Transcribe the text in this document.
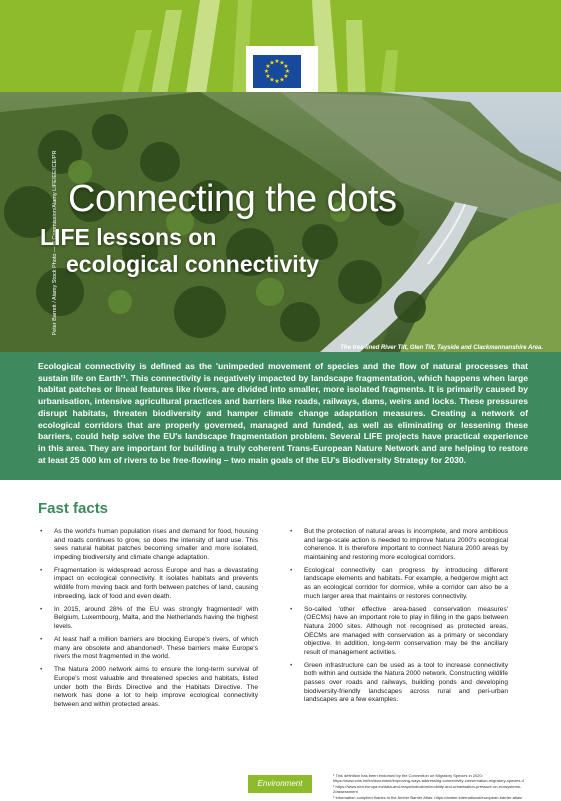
★ ★
★
★
★
★
★
★
★
★
★
★
Peter Barrett / Alamy Stock Photo — © Commission/Alamy LIFE/EE/ICE/PR Connecting the dots
LIFE lessons on
ecological connectivity
The tree lined River Tilt, Glen Tilt, Tayside and Clackmannanshire Area.
Ecological connectivity is defined as the 'unimpeded movement of species and the flow of natural processes that sustain life on Earth'¹. This connectivity is negatively impacted by landscape fragmentation, which happens when large habitat patches or lineal features like rivers, are divided into smaller, more isolated fragments. It is primarily caused by urbanisation, intensive agricultural practices and barriers like roads, railways, dams, weirs and locks. These pressures disrupt habitats, threaten biodiversity and hamper climate change adaptation measures. Creating a network of ecological corridors that are properly governed, managed and funded, as well as eliminating or lessening these barriers, could help solve the EU's landscape fragmentation problem. Several LIFE projects have practical experience in this area. They are important for building a truly coherent Trans-European Nature Network and are helping to restore at least 25 000 km of rivers to be free-flowing – two main goals of the EU's Biodiversity Strategy for 2030.
Fast facts
• As the world's human population rises and demand for food, housing and roads continues to grow, so does the intensity of land use. This sees natural habitat patches becoming smaller and more isolated, impeding biodiversity and climate change adaptation.
• Fragmentation is widespread across Europe and has a devastating impact on ecological connectivity. It isolates habitats and prevents wildlife from moving back and forth between patches of land, causing inbreeding, lack of food and even death.
• In 2015, around 28% of the EU was strongly fragmented² with Belgium, Luxembourg, Malta, and the Netherlands having the highest levels.
• At least half a million barriers are blocking Europe's rivers, of which many are obsolete and abandoned³. These barriers make Europe's rivers the most fragmented in the world.
• The Natura 2000 network aims to ensure the long-term survival of Europe's most valuable and threatened species and habitats, listed under both the Birds Directive and the Habitats Directive. The network has done a lot to help improve ecological connectivity between and within protected areas.
• But the protection of natural areas is incomplete, and more ambitious and large-scale action is needed to improve Natura 2000's ecological coherence. It is therefore important to connect Natura 2000 areas by maintaining and restoring more ecological corridors.
• Ecological connectivity can progress by introducing different landscape elements and habitats. For example, a hedgerow might act as an ecological corridor for dormice, while a corridor can also be a much larger area that maintains or restores connectivity.
• So-called 'other effective area-based conservation measures' (OECMs) have an important role to play in filling in the gaps between Natura 2000 sites. Although not recognised as protected areas, OECMs are managed with conservation as a primary or secondary objective. In addition, long-term conservation may be the ancillary result of management activities.
• Green infrastructure can be used as a tool to increase connectivity both within and outside the Natura 2000 network. Constructing wildlife passes over roads and railways, building ponds and developing biodiversity-friendly landscapes across rural and peri-urban landscapes are a few examples.
Environment
¹ This definition has been endorsed by the Convention on Migratory Species in 2020: https://www.cms.int/en/document/improving-ways-addressing-connectivity-conservation-migratory-species-4
² https://www.eea.europa.eu/data-and-maps/indicators/mobility-and-urbanisation-pressure-on-ecosystems-2/assessment
³ Information compiled thanks to the Amber Barrier Atlas: https://amber.international/european-barrier-atlas/
